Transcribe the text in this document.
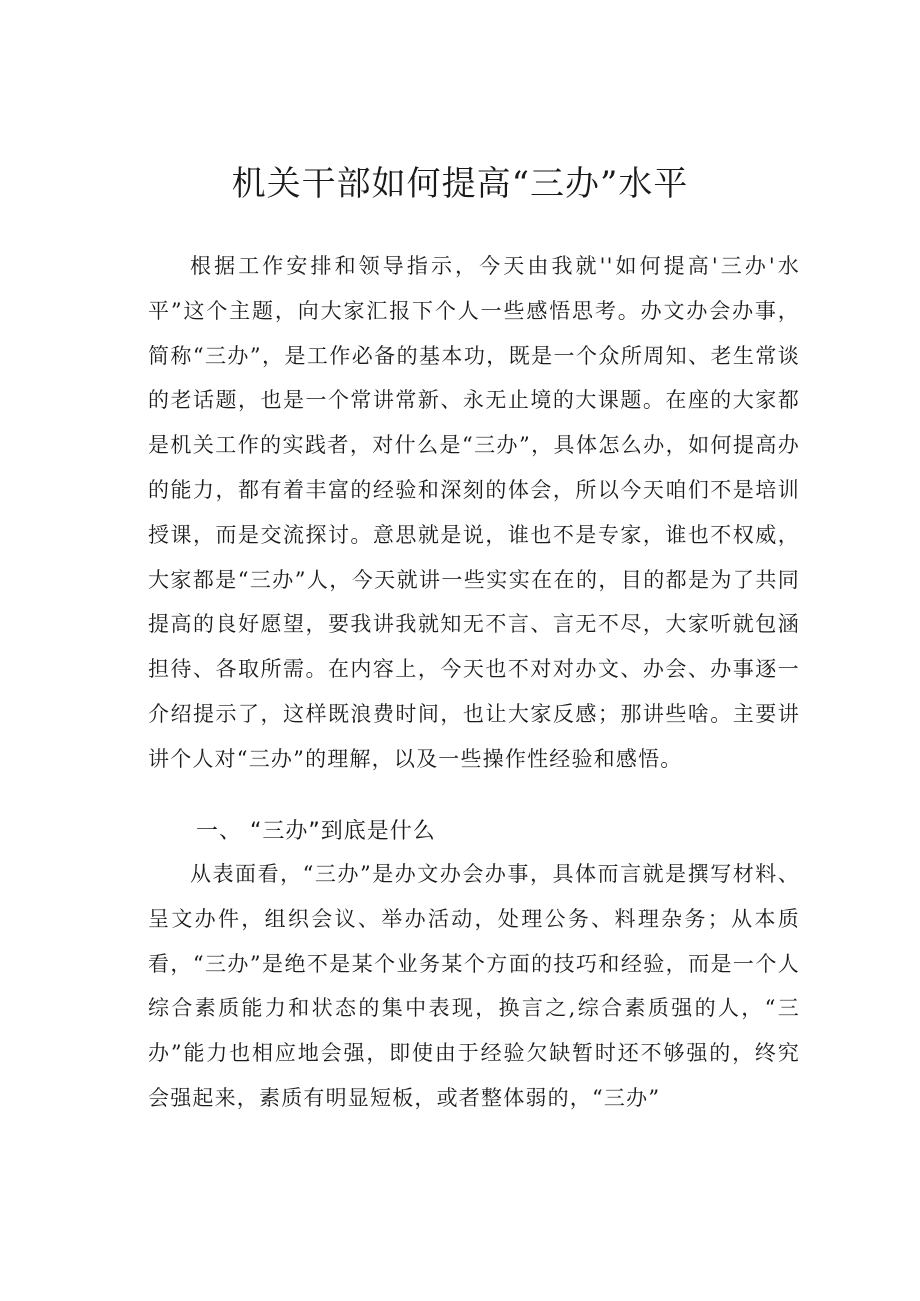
机关干部如何提高“三办”水平

根据工作安排和领导指示，今天由我就''如何提高'三办'水平”这个主题，向大家汇报下个人一些感悟思考。办文办会办事，简称“三办”，是工作必备的基本功，既是一个众所周知、老生常谈的老话题，也是一个常讲常新、永无止境的大课题。在座的大家都是机关工作的实践者，对什么是“三办”，具体怎么办，如何提高办的能力，都有着丰富的经验和深刻的体会，所以今天咱们不是培训授课，而是交流探讨。意思就是说，谁也不是专家，谁也不权威，大家都是“三办”人，今天就讲一些实实在在的，目的都是为了共同提高的良好愿望，要我讲我就知无不言、言无不尽，大家听就包涵担待、各取所需。在内容上，今天也不对对办文、办会、办事逐一介绍提示了，这样既浪费时间，也让大家反感；那讲些啥。主要讲讲个人对“三办”的理解，以及一些操作性经验和感悟。

一、 “三办”到底是什么

从表面看，“三办”是办文办会办事，具体而言就是撰写材料、呈文办件，组织会议、举办活动，处理公务、料理杂务；从本质看，“三办”是绝不是某个业务某个方面的技巧和经验，而是一个人综合素质能力和状态的集中表现，换言之,综合素质强的人，“三办”能力也相应地会强，即使由于经验欠缺暂时还不够强的，终究会强起来，素质有明显短板，或者整体弱的，“三办”
